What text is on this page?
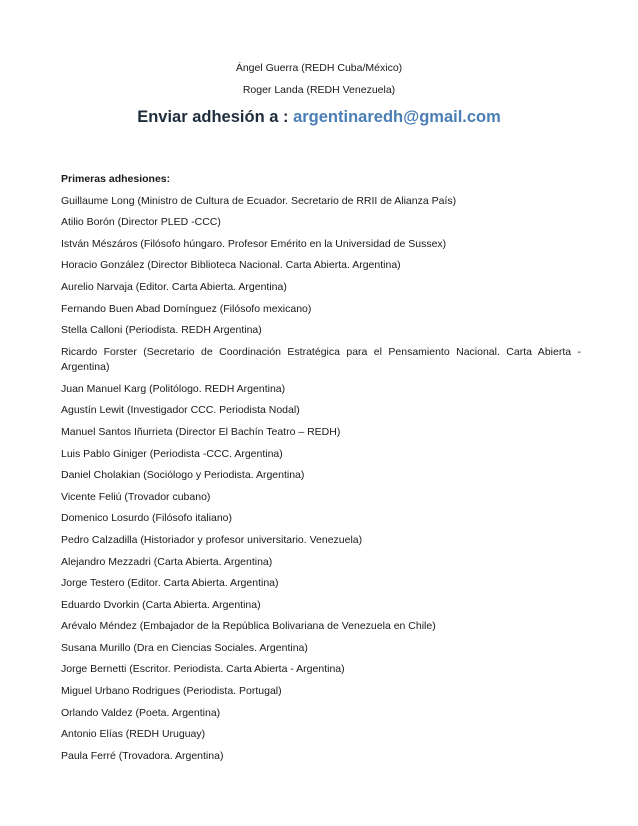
Ángel Guerra (REDH Cuba/México)
Roger Landa (REDH Venezuela)
Enviar adhesión a : argentinaredh@gmail.com
Primeras adhesiones:
Guillaume Long (Ministro de Cultura de Ecuador. Secretario de RRII de Alianza País)
Atilio Borón (Director PLED -CCC)
István Mészáros (Filósofo húngaro. Profesor Emérito en la Universidad de Sussex)
Horacio González (Director Biblioteca Nacional. Carta Abierta. Argentina)
Aurelio Narvaja (Editor. Carta Abierta. Argentina)
Fernando Buen Abad Domínguez (Filósofo mexicano)
Stella Calloni (Periodista. REDH Argentina)
Ricardo Forster (Secretario de Coordinación Estratégica para el Pensamiento Nacional. Carta Abierta - Argentina)
Juan Manuel Karg (Politólogo. REDH Argentina)
Agustín Lewit (Investigador CCC. Periodista Nodal)
Manuel Santos Iñurrieta (Director El Bachín Teatro – REDH)
Luis Pablo Giniger (Periodista -CCC. Argentina)
Daniel Cholakian (Sociólogo y Periodista. Argentina)
Vicente Feliú (Trovador cubano)
Domenico Losurdo (Filósofo italiano)
Pedro Calzadilla (Historiador y profesor universitario. Venezuela)
Alejandro Mezzadri (Carta Abierta. Argentina)
Jorge Testero (Editor. Carta Abierta. Argentina)
Eduardo Dvorkin (Carta Abierta. Argentina)
Arévalo Méndez (Embajador de la República Bolivariana de Venezuela en Chile)
Susana Murillo (Dra en Ciencias Sociales. Argentina)
Jorge Bernetti (Escritor. Periodista. Carta Abierta - Argentina)
Miguel Urbano Rodrigues (Periodista. Portugal)
Orlando Valdez (Poeta. Argentina)
Antonio Elías (REDH Uruguay)
Paula Ferré (Trovadora. Argentina)
